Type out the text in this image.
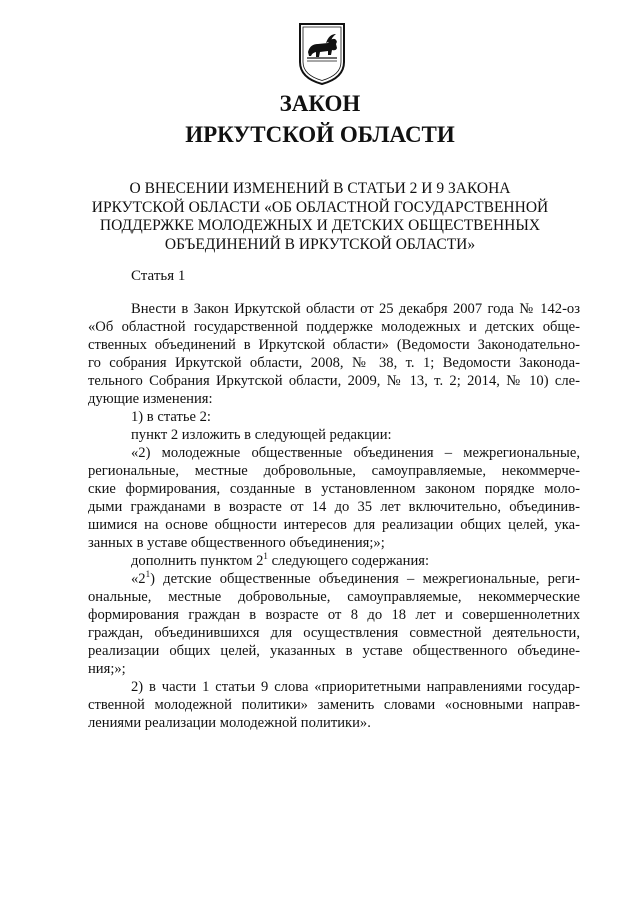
ЗАКОН
ИРКУТСКОЙ ОБЛАСТИ
О ВНЕСЕНИИ ИЗМЕНЕНИЙ В СТАТЬИ 2 И 9 ЗАКОНА
ИРКУТСКОЙ ОБЛАСТИ «ОБ ОБЛАСТНОЙ ГОСУДАРСТВЕННОЙ
ПОДДЕРЖКЕ МОЛОДЕЖНЫХ И ДЕТСКИХ ОБЩЕСТВЕННЫХ
ОБЪЕДИНЕНИЙ В ИРКУТСКОЙ ОБЛАСТИ»
Статья 1
Внести в Закон Иркутской области от 25 декабря 2007 года № 142-оз
«Об областной государственной поддержке молодежных и детских обще-
ственных объединений в Иркутской области» (Ведомости Законодательно-
го собрания Иркутской области, 2008, № 38, т. 1; Ведомости Законода-
тельного Собрания Иркутской области, 2009, № 13, т. 2; 2014, № 10) сле-
дующие изменения:
1) в статье 2:
пункт 2 изложить в следующей редакции:
«2) молодежные общественные объединения – межрегиональные,
региональные, местные добровольные, самоуправляемые, некоммерче-
ские формирования, созданные в установленном законом порядке моло-
дыми гражданами в возрасте от 14 до 35 лет включительно, объединив-
шимися на основе общности интересов для реализации общих целей, ука-
занных в уставе общественного объединения;»;
дополнить пунктом $2^1$ следующего содержания:
«$2^1$) детские общественные объединения – межрегиональные, реги-
ональные, местные добровольные, самоуправляемые, некоммерческие
формирования граждан в возрасте от 8 до 18 лет и совершеннолетних
граждан, объединившихся для осуществления совместной деятельности,
реализации общих целей, указанных в уставе общественного объедине-
ния;»;
2) в части 1 статьи 9 слова «приоритетными направлениями государ-
ственной молодежной политики» заменить словами «основными направ-
лениями реализации молодежной политики».
